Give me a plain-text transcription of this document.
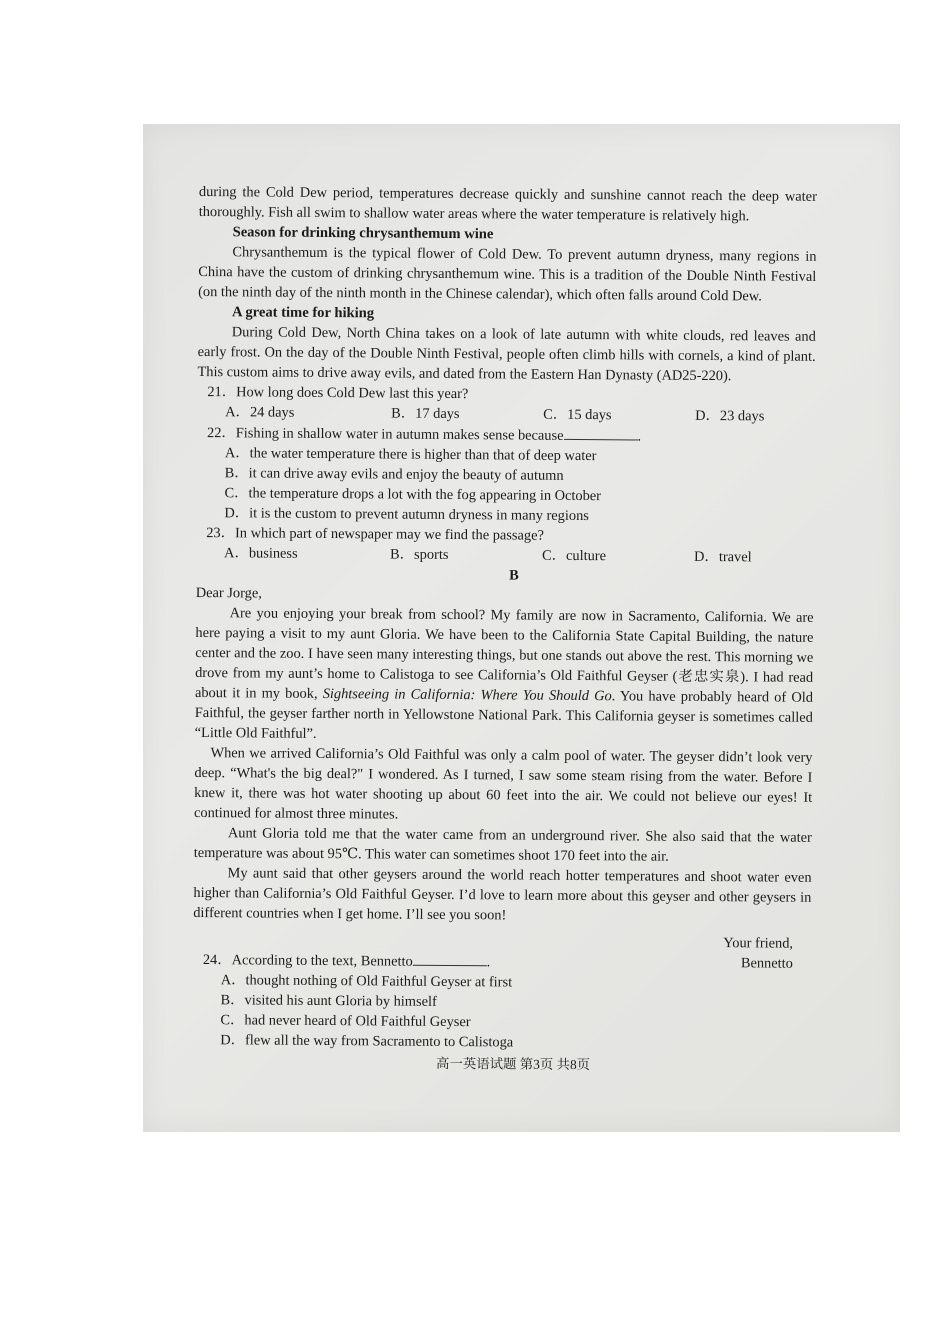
during the Cold Dew period, temperatures decrease quickly and sunshine cannot reach the deep water thoroughly. Fish all swim to shallow water areas where the water temperature is relatively high.

Season for drinking chrysanthemum wine

Chrysanthemum is the typical flower of Cold Dew. To prevent autumn dryness, many regions in China have the custom of drinking chrysanthemum wine. This is a tradition of the Double Ninth Festival (on the ninth day of the ninth month in the Chinese calendar), which often falls around Cold Dew.

A great time for hiking

During Cold Dew, North China takes on a look of late autumn with white clouds, red leaves and early frost. On the day of the Double Ninth Festival, people often climb hills with cornels, a kind of plant. This custom aims to drive away evils, and dated from the Eastern Han Dynasty (AD25-220).

21．How long does Cold Dew last this year?

A．24 days	B．17 days	C．15 days	D．23 days

22．Fishing in shallow water in autumn makes sense because	.

A．the water temperature there is higher than that of deep water

B．it can drive away evils and enjoy the beauty of autumn

C．the temperature drops a lot with the fog appearing in October

D．it is the custom to prevent autumn dryness in many regions

23．In which part of newspaper may we find the passage?

A．business	B．sports	C．culture	D．travel

B

Dear Jorge,

Are you enjoying your break from school? My family are now in Sacramento, California. We are here paying a visit to my aunt Gloria. We have been to the California State Capital Building, the nature center and the zoo. I have seen many interesting things, but one stands out above the rest. This morning we drove from my aunt’s home to Calistoga to see California’s Old Faithful Geyser (老忠实泉). I had read about it in my book, Sightseeing in California: Where You Should Go. You have probably heard of Old Faithful, the geyser farther north in Yellowstone National Park. This California geyser is sometimes called “Little Old Faithful”.

When we arrived California’s Old Faithful was only a calm pool of water. The geyser didn’t look very deep. “What's the big deal?" I wondered. As I turned, I saw some steam rising from the water. Before I knew it, there was hot water shooting up about 60 feet into the air. We could not believe our eyes! It continued for almost three minutes.

Aunt Gloria told me that the water came from an underground river. She also said that the water temperature was about 95℃. This water can sometimes shoot 170 feet into the air.

My aunt said that other geysers around the world reach hotter temperatures and shoot water even higher than California’s Old Faithful Geyser. I’d love to learn more about this geyser and other geysers in different countries when I get home. I’ll see you soon!

Your friend,

Bennetto

24．According to the text, Bennetto	.

A．thought nothing of Old Faithful Geyser at first

B．visited his aunt Gloria by himself

C．had never heard of Old Faithful Geyser

D．flew all the way from Sacramento to Calistoga

高一英语试题 第3页 共8页
